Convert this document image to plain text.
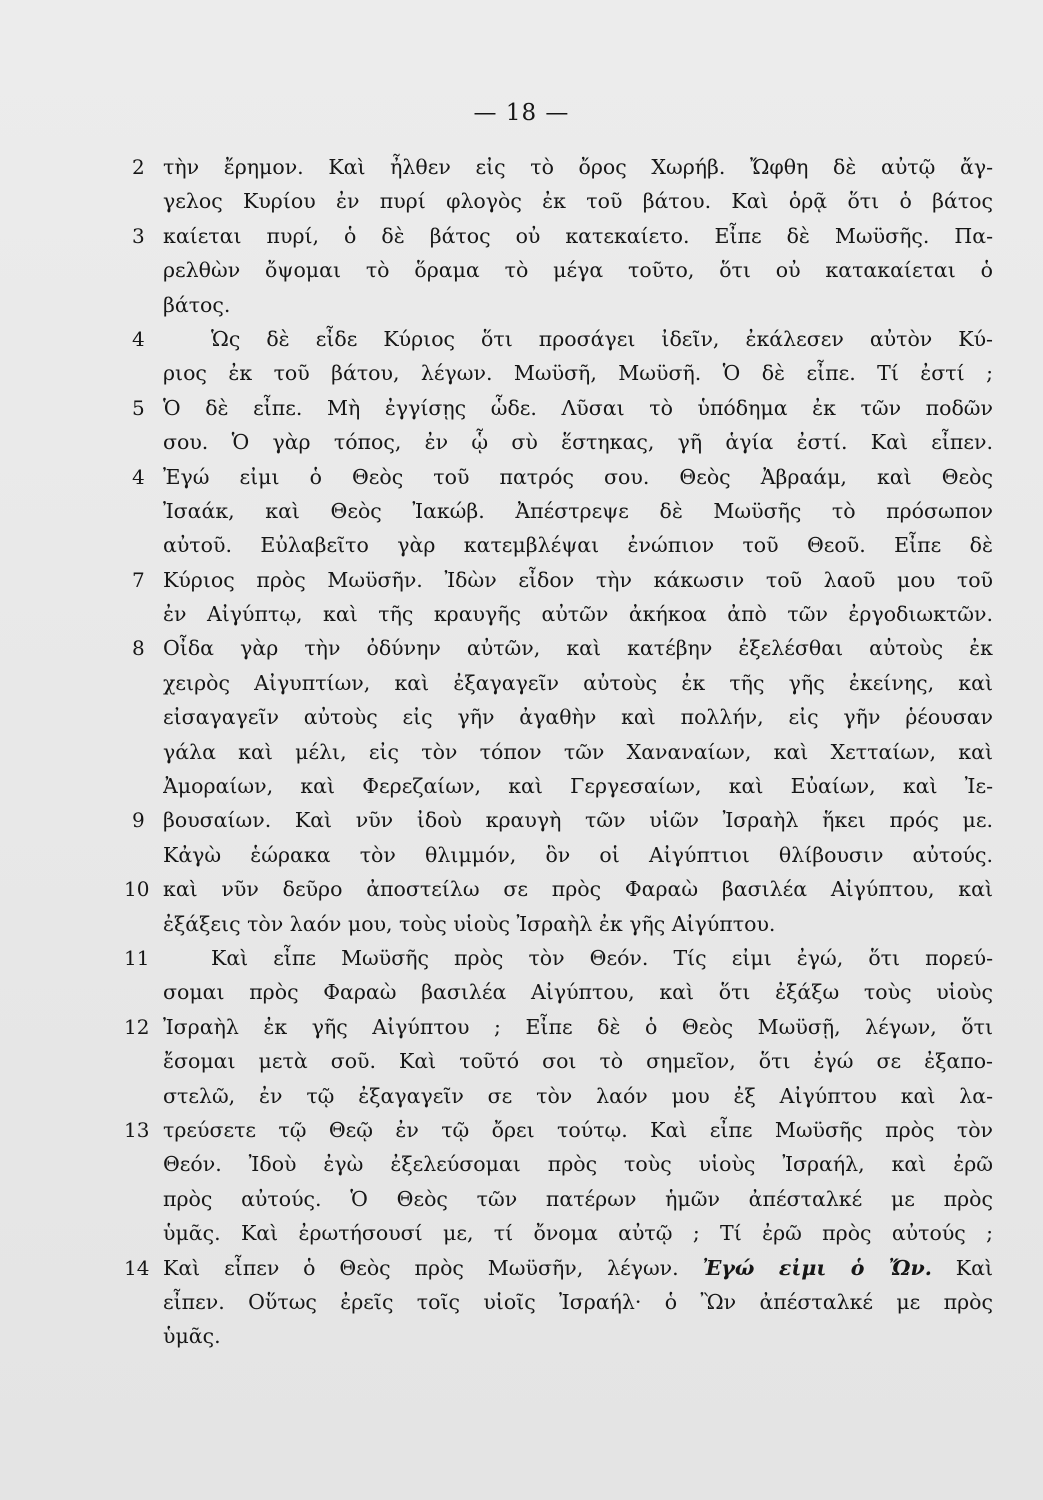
— 18 —
2 τὴν ἔρημον. Καὶ ἦλθεν εἰς τὸ ὄρος Χωρήβ. Ὤφθη δὲ αὐτῷ ἄγ-
γελος Κυρίου ἐν πυρί φλογὸς ἐκ τοῦ βάτου. Καὶ ὁρᾷ ὅτι ὁ βάτος
3 καίεται πυρί, ὁ δὲ βάτος οὐ κατεκαίετο. Εἶπε δὲ Μωϋσῆς. Πα-
ρελθὼν ὄψομαι τὸ ὅραμα τὸ μέγα τοῦτο, ὅτι οὐ κατακαίεται ὁ
βάτος.
4	Ὡς δὲ εἶδε Κύριος ὅτι προσάγει ἰδεῖν, ἐκάλεσεν αὐτὸν Κύ-
ριος ἐκ τοῦ βάτου, λέγων. Μωϋσῆ, Μωϋσῆ. Ὁ δὲ εἶπε. Τί ἐστί ;
5 Ὁ δὲ εἶπε. Μὴ ἐγγίσῃς ὧδε. Λῦσαι τὸ ὑπόδημα ἐκ τῶν ποδῶν
σου. Ὁ γὰρ τόπος, ἐν ᾧ σὺ ἕστηκας, γῆ ἁγία ἐστί. Καὶ εἶπεν.
4 Ἐγώ εἰμι ὁ Θεὸς τοῦ πατρός σου. Θεὸς Ἀβραάμ, καὶ Θεὸς
Ἰσαάκ, καὶ Θεὸς Ἰακώβ. Ἀπέστρεψε δὲ Μωϋσῆς τὸ πρόσωπον
αὐτοῦ. Εὐλαβεῖτο γὰρ κατεμβλέψαι ἐνώπιον τοῦ Θεοῦ. Εἶπε δὲ
7 Κύριος πρὸς Μωϋσῆν. Ἰδὼν εἶδον τὴν κάκωσιν τοῦ λαοῦ μου τοῦ
ἐν Αἰγύπτῳ, καὶ τῆς κραυγῆς αὐτῶν ἀκήκοα ἀπὸ τῶν ἐργοδιωκτῶν.
8 Οἶδα γὰρ τὴν ὀδύνην αὐτῶν, καὶ κατέβην ἐξελέσθαι αὐτοὺς ἐκ
χειρὸς Αἰγυπτίων, καὶ ἐξαγαγεῖν αὐτοὺς ἐκ τῆς γῆς ἐκείνης, καὶ
εἰσαγαγεῖν αὐτοὺς εἰς γῆν ἀγαθὴν καὶ πολλήν, εἰς γῆν ῥέουσαν
γάλα καὶ μέλι, εἰς τὸν τόπον τῶν Χαναναίων, καὶ Χετταίων, καὶ
Ἀμοραίων, καὶ Φερεζαίων, καὶ Γεργεσαίων, καὶ Εὐαίων, καὶ Ἰε-
9 βουσαίων. Καὶ νῦν ἰδοὺ κραυγὴ τῶν υἱῶν Ἰσραὴλ ἥκει πρός με.
Κἀγὼ ἑώρακα τὸν θλιμμόν, ὃν οἱ Αἰγύπτιοι θλίβουσιν αὐτούς.
10 καὶ νῦν δεῦρο ἀποστείλω σε πρὸς Φαραὼ βασιλέα Αἰγύπτου, καὶ
ἐξάξεις τὸν λαόν μου, τοὺς υἱοὺς Ἰσραὴλ ἐκ γῆς Αἰγύπτου.
11	Καὶ εἶπε Μωϋσῆς πρὸς τὸν Θεόν. Τίς εἰμι ἐγώ, ὅτι πορεύ-
σομαι πρὸς Φαραὼ βασιλέα Αἰγύπτου, καὶ ὅτι ἐξάξω τοὺς υἱοὺς
12 Ἰσραὴλ ἐκ γῆς Αἰγύπτου ; Εἶπε δὲ ὁ Θεὸς Μωϋσῇ, λέγων, ὅτι
ἔσομαι μετὰ σοῦ. Καὶ τοῦτό σοι τὸ σημεῖον, ὅτι ἐγώ σε ἐξαπο-
στελῶ, ἐν τῷ ἐξαγαγεῖν σε τὸν λαόν μου ἐξ Αἰγύπτου καὶ λα-
13 τρεύσετε τῷ Θεῷ ἐν τῷ ὄρει τούτῳ. Καὶ εἶπε Μωϋσῆς πρὸς τὸν
Θεόν. Ἰδοὺ ἐγὼ ἐξελεύσομαι πρὸς τοὺς υἱοὺς Ἰσραήλ, καὶ ἐρῶ
πρὸς αὐτούς. Ὁ Θεὸς τῶν πατέρων ἡμῶν ἀπέσταλκέ με πρὸς
ὑμᾶς. Καὶ ἐρωτήσουσί με, τί ὄνομα αὐτῷ ; Τί ἐρῶ πρὸς αὐτούς ;
14 Καὶ εἶπεν ὁ Θεὸς πρὸς Μωϋσῆν, λέγων. Ἐγώ εἰμι ὁ Ὤν. Καὶ
εἶπεν. Οὕτως ἐρεῖς τοῖς υἱοῖς Ἰσραήλ· ὁ Ὢν ἀπέσταλκέ με πρὸς
ὑμᾶς.
